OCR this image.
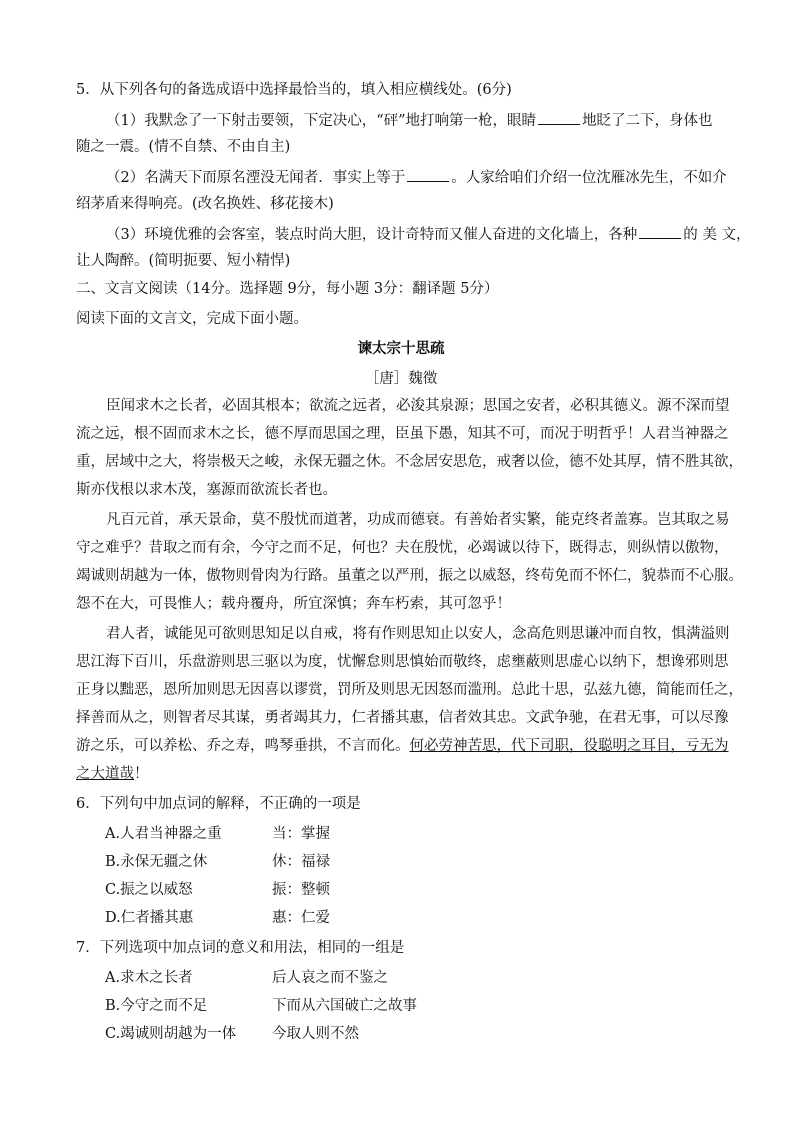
5．从下列各句的备选成语中选择最恰当的，填入相应横线处。(6分)
（1）我默念了一下射击要领，下定决心，“砰”地打响第一枪，眼睛	地眨了二下，身体也
随之一震。(情不自禁、不由自主)
（2）名满天下而原名湮没无闻者．事实上等于	。人家给咱们介绍一位沈雁冰先生，不如介
绍茅盾来得响亮。(改名换姓、移花接木)
（3）环境优雅的会客室，装点时尚大胆，设计奇特而又催人奋进的文化墙上，各种	的 美 文，
让人陶醉。(简明扼要、短小精悍)
二、文言文阅读（14分。选择题 9分，每小题 3分：翻译题 5分）
阅读下面的文言文，完成下面小题。
谏太宗十思疏
［唐］魏徵
臣闻求木之长者，必固其根本；欲流之远者，必浚其泉源；思国之安者，必积其德义。源不深而望
流之远，根不固而求木之长，德不厚而思国之理，臣虽下愚，知其不可，而况于明哲乎！人君当神器之
重，居域中之大，将崇极天之峻，永保无疆之休。不念居安思危，戒奢以俭，德不处其厚，情不胜其欲，
斯亦伐根以求木茂，塞源而欲流长者也。
凡百元首，承天景命，莫不殷忧而道著，功成而德衰。有善始者实繁，能克终者盖寡。岂其取之易
守之难乎？昔取之而有余，今守之而不足，何也？夫在殷忧，必竭诚以待下，既得志，则纵情以傲物，
竭诚则胡越为一体，傲物则骨肉为行路。虽董之以严刑，振之以威怒，终苟免而不怀仁，貌恭而不心服。
怨不在大，可畏惟人；载舟覆舟，所宜深慎；奔车朽索，其可忽乎！
君人者，诚能见可欲则思知足以自戒，将有作则思知止以安人，念高危则思谦冲而自牧，惧满溢则
思江海下百川，乐盘游则思三驱以为度，忧懈怠则思慎始而敬终，虑壅蔽则思虚心以纳下，想谗邪则思
正身以黜恶，恩所加则思无因喜以谬赏，罚所及则思无因怒而滥刑。总此十思，弘兹九德，简能而任之，
择善而从之，则智者尽其谋，勇者竭其力，仁者播其惠，信者效其忠。文武争驰，在君无事，可以尽豫
游之乐，可以养松、乔之寿，鸣琴垂拱，不言而化。何必劳神苦思，代下司职，役聪明之耳目，亏无为
之大道哉！
6．下列句中加点词的解释，不正确的一项是
A.人君当神器之重	当：掌握
B.永保无疆之休	休：福禄
C.振之以威怒	振：整顿
D.仁者播其惠	惠：仁爱
7．下列选项中加点词的意义和用法，相同的一组是
A.求木之长者	后人哀之而不鉴之
B.今守之而不足	下而从六国破亡之故事
C.竭诚则胡越为一体	今取人则不然
